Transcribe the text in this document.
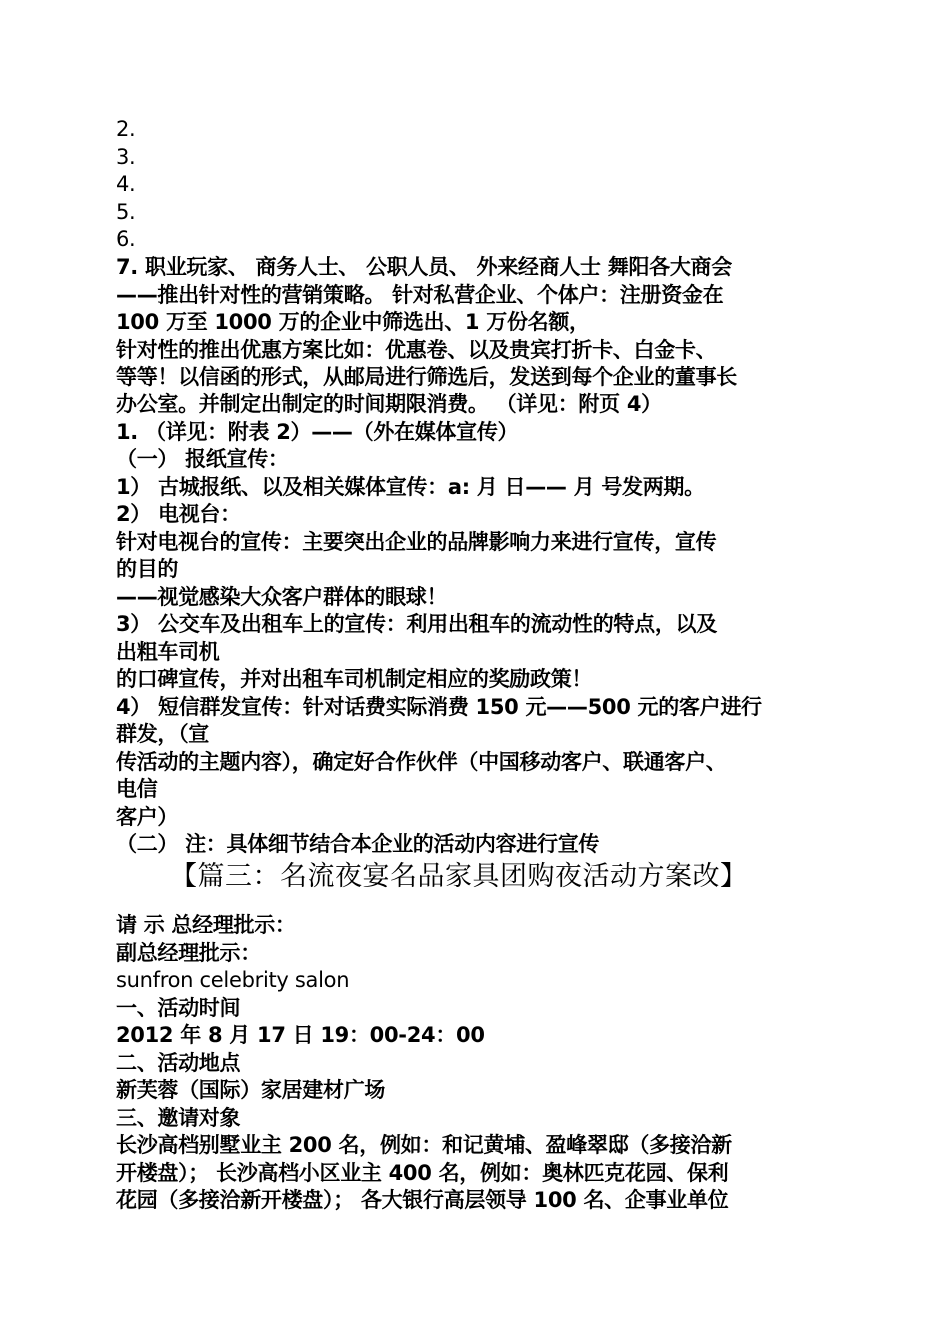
2.
3.
4.
5.
6.
7. 职业玩家、 商务人士、 公职人员、 外来经商人士 舞阳各大商会
——推出针对性的营销策略。 针对私营企业、个体户：注册资金在
100 万至 1000 万的企业中筛选出、1 万份名额，
针对性的推出优惠方案比如：优惠卷、以及贵宾打折卡、白金卡、
等等！以信函的形式，从邮局进行筛选后，发送到每个企业的董事长
办公室。并制定出制定的时间期限消费。 （详见：附页 4）
1. （详见：附表 2）——（外在媒体宣传）
（一） 报纸宣传：
1） 古城报纸、以及相关媒体宣传：a: 月 日—— 月 号发两期。
2） 电视台：
针对电视台的宣传：主要突出企业的品牌影响力来进行宣传，宣传
的目的
——视觉感染大众客户群体的眼球！
3） 公交车及出租车上的宣传：利用出租车的流动性的特点，以及
出粗车司机
的口碑宣传，并对出租车司机制定相应的奖励政策！
4） 短信群发宣传：针对话费实际消费 150 元——500 元的客户进行
群发，（宣
传活动的主题内容），确定好合作伙伴（中国移动客户、联通客户、
电信
客户）
（二） 注：具体细节结合本企业的活动内容进行宣传
【篇三：名流夜宴名品家具团购夜活动方案改】
请 示 总经理批示：
副总经理批示：
sunfron celebrity salon
一、活动时间
2012 年 8 月 17 日 19：00-24：00
二、活动地点
新芙蓉（国际）家居建材广场
三、邀请对象
长沙高档别墅业主 200 名，例如：和记黄埔、盈峰翠邸（多接洽新
开楼盘）； 长沙高档小区业主 400 名，例如：奥林匹克花园、保利
花园（多接洽新开楼盘）； 各大银行高层领导 100 名、企事业单位
